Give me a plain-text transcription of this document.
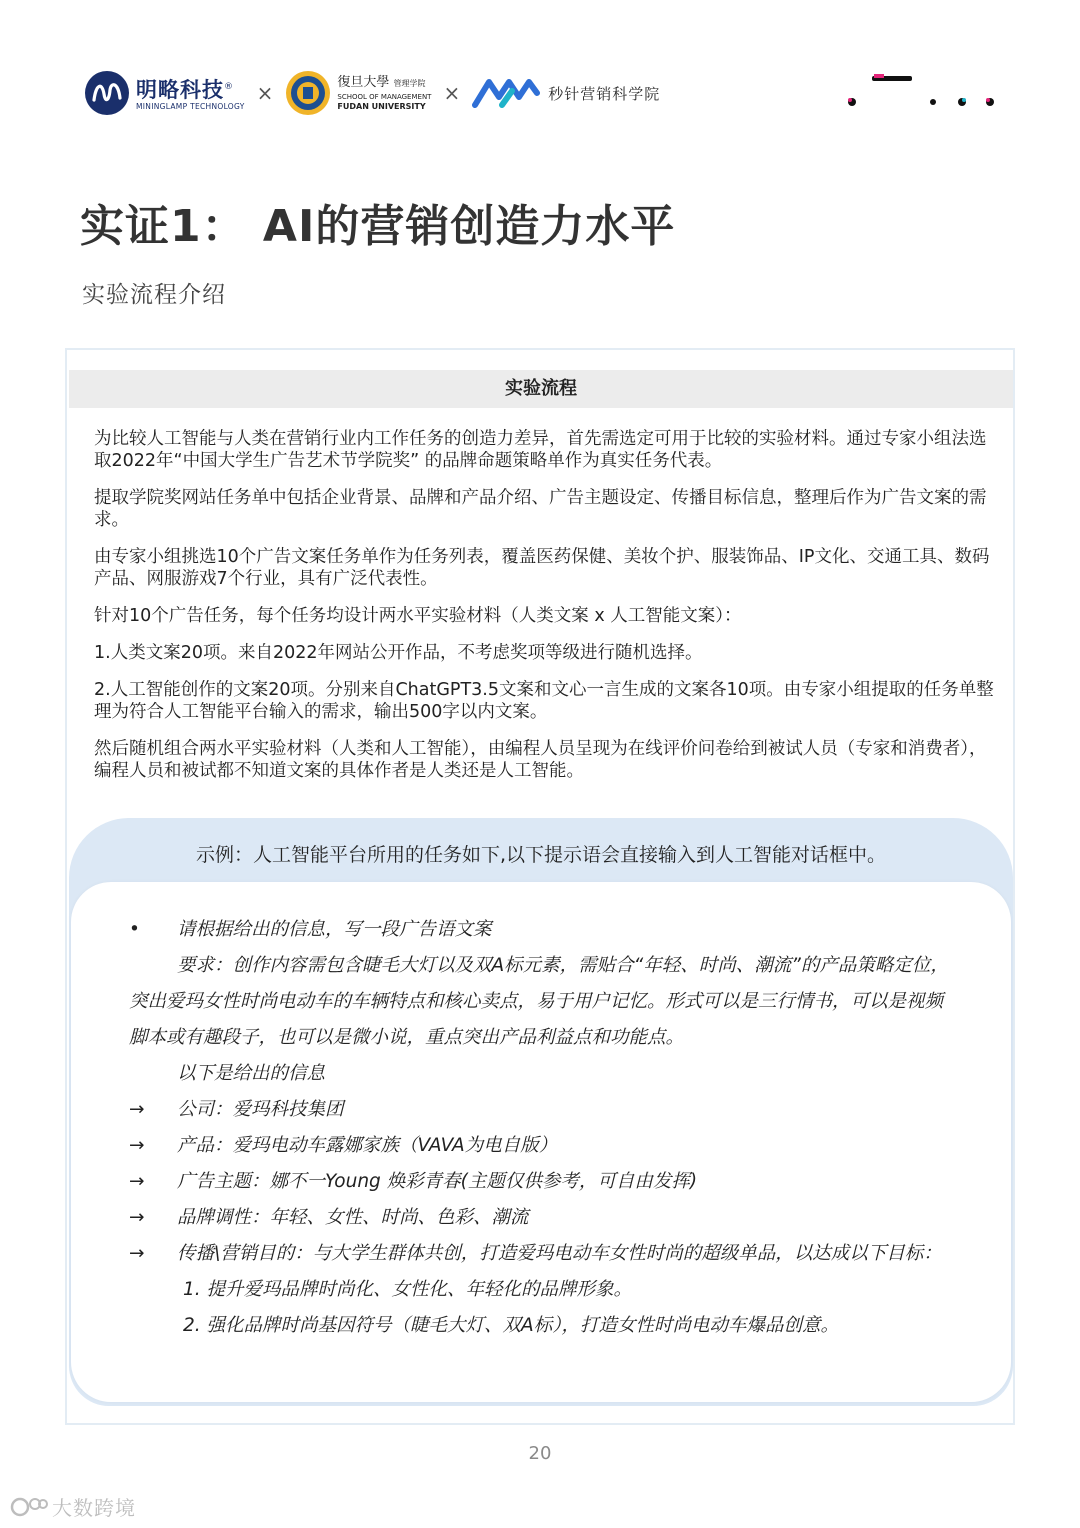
明略科技®
MININGLAMP TECHNOLOGY
×	復旦大學 管理学院
SCHOOL OF MANAGEMENT
FUDAN UNIVERSITY
×	秒针营销科学院
实证1： AI的营销创造力水平
实验流程介绍
实验流程

为比较人工智能与人类在营销行业内工作任务的创造力差异，首先需选定可用于比较的实验材料。通过专家小组法选取2022年“中国大学生广告艺术节学院奖” 的品牌命题策略单作为真实任务代表。

提取学院奖网站任务单中包括企业背景、品牌和产品介绍、广告主题设定、传播目标信息，整理后作为广告文案的需求。

由专家小组挑选10个广告文案任务单作为任务列表，覆盖医药保健、美妆个护、服装饰品、IP文化、交通工具、数码产品、网服游戏7个行业，具有广泛代表性。

针对10个广告任务，每个任务均设计两水平实验材料（人类文案 x 人工智能文案）：

1.人类文案20项。来自2022年网站公开作品，不考虑奖项等级进行随机选择。

2.人工智能创作的文案20项。分别来自ChatGPT3.5文案和文心一言生成的文案各10项。由专家小组提取的任务单整理为符合人工智能平台输入的需求，输出500字以内文案。

然后随机组合两水平实验材料（人类和人工智能），由编程人员呈现为在线评价问卷给到被试人员（专家和消费者），编程人员和被试都不知道文案的具体作者是人类还是人工智能。

示例：人工智能平台所用的任务如下,以下提示语会直接输入到人工智能对话框中。
•	请根据给出的信息，写一段广告语文案
要求：创作内容需包含睫毛大灯以及双A标元素，需贴合“年轻、时尚、潮流”的产品策略定位，突出爱玛女性时尚电动车的车辆特点和核心卖点，易于用户记忆。形式可以是三行情书，可以是视频脚本或有趣段子，也可以是微小说，重点突出产品利益点和功能点。
以下是给出的信息
→	公司：爱玛科技集团
→	产品：爱玛电动车露娜家族（VAVA为电自版）
→	广告主题：娜不一Young 焕彩青春(主题仅供参考，可自由发挥)
→	品牌调性：年轻、女性、时尚、色彩、潮流
→	传播\营销目的：与大学生群体共创，打造爱玛电动车女性时尚的超级单品，以达成以下目标：
1. 提升爱玛品牌时尚化、女性化、年轻化的品牌形象。
2. 强化品牌时尚基因符号（睫毛大灯、双A标），打造女性时尚电动车爆品创意。
20
大数跨境
